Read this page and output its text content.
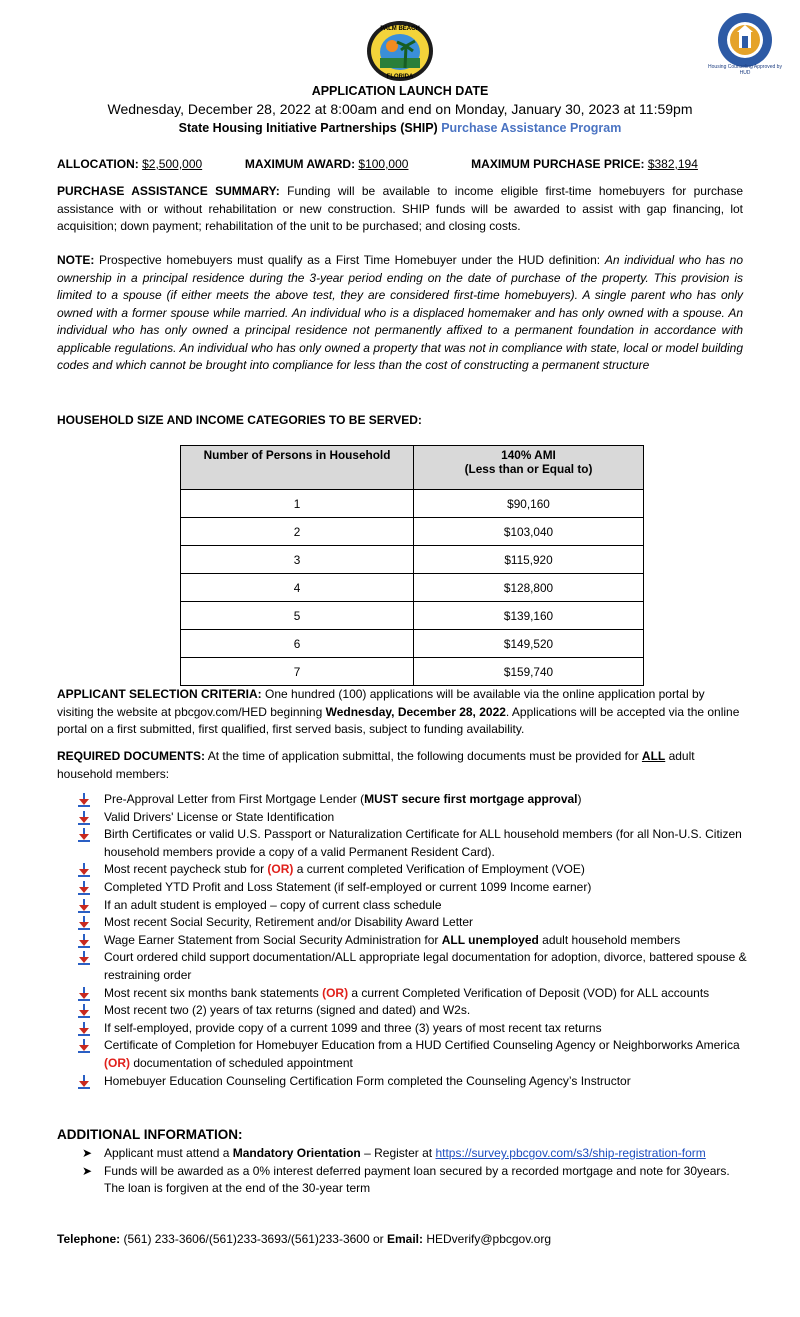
PALM BEACH
FLORIDA
Housing Counseling Approved by HUD
APPLICATION LAUNCH DATE
Wednesday, December 28, 2022 at 8:00am and end on Monday, January 30, 2023 at 11:59pm
State Housing Initiative Partnerships (SHIP) Purchase Assistance Program
ALLOCATION: $2,500,000	MAXIMUM AWARD: $100,000	MAXIMUM PURCHASE PRICE: $382,194
PURCHASE ASSISTANCE SUMMARY: Funding will be available to income eligible first-time homebuyers for purchase assistance with or without rehabilitation or new construction. SHIP funds will be awarded to assist with gap financing, lot acquisition; down payment; rehabilitation of the unit to be purchased; and closing costs.
NOTE: Prospective homebuyers must qualify as a First Time Homebuyer under the HUD definition: An individual who has no ownership in a principal residence during the 3-year period ending on the date of purchase of the property. This provision is limited to a spouse (if either meets the above test, they are considered first-time homebuyers). A single parent who has only owned with a former spouse while married. An individual who is a displaced homemaker and has only owned with a spouse. An individual who has only owned a principal residence not permanently affixed to a permanent foundation in accordance with applicable regulations. An individual who has only owned a property that was not in compliance with state, local or model building codes and which cannot be brought into compliance for less than the cost of constructing a permanent structure
HOUSEHOLD SIZE AND INCOME CATEGORIES TO BE SERVED:
Number of Persons in Household	140% AMI
(Less than or Equal to)
1	$90,160
2	$103,040
3	$115,920
4	$128,800
5	$139,160
6	$149,520
7	$159,740
APPLICANT SELECTION CRITERIA: One hundred (100) applications will be available via the online application portal by visiting the website at pbcgov.com/HED beginning Wednesday, December 28, 2022. Applications will be accepted via the online portal on a first submitted, first qualified, first served basis, subject to funding availability.
REQUIRED DOCUMENTS: At the time of application submittal, the following documents must be provided for ALL adult household members:
Pre-Approval Letter from First Mortgage Lender (MUST secure first mortgage approval)
Valid Drivers' License or State Identification
Birth Certificates or valid U.S. Passport or Naturalization Certificate for ALL household members (for all Non-U.S. Citizen household members provide a copy of a valid Permanent Resident Card).
Most recent paycheck stub for (OR) a current completed Verification of Employment (VOE)
Completed YTD Profit and Loss Statement (if self-employed or current 1099 Income earner)
If an adult student is employed – copy of current class schedule
Most recent Social Security, Retirement and/or Disability Award Letter
Wage Earner Statement from Social Security Administration for ALL unemployed adult household members
Court ordered child support documentation/ALL appropriate legal documentation for adoption, divorce, battered spouse & restraining order
Most recent six months bank statements (OR) a current Completed Verification of Deposit (VOD) for ALL accounts
Most recent two (2) years of tax returns (signed and dated) and W2s.
If self-employed, provide copy of a current 1099 and three (3) years of most recent tax returns
Certificate of Completion for Homebuyer Education from a HUD Certified Counseling Agency or Neighborworks America (OR) documentation of scheduled appointment
Homebuyer Education Counseling Certification Form completed the Counseling Agency’s Instructor
ADDITIONAL INFORMATION:
➤ Applicant must attend a Mandatory Orientation – Register at https://survey.pbcgov.com/s3/ship-registration-form
➤ Funds will be awarded as a 0% interest deferred payment loan secured by a recorded mortgage and note for 30years. The loan is forgiven at the end of the 30-year term
Telephone: (561) 233-3606/(561)233-3693/(561)233-3600 or Email: HEDverify@pbcgov.org
